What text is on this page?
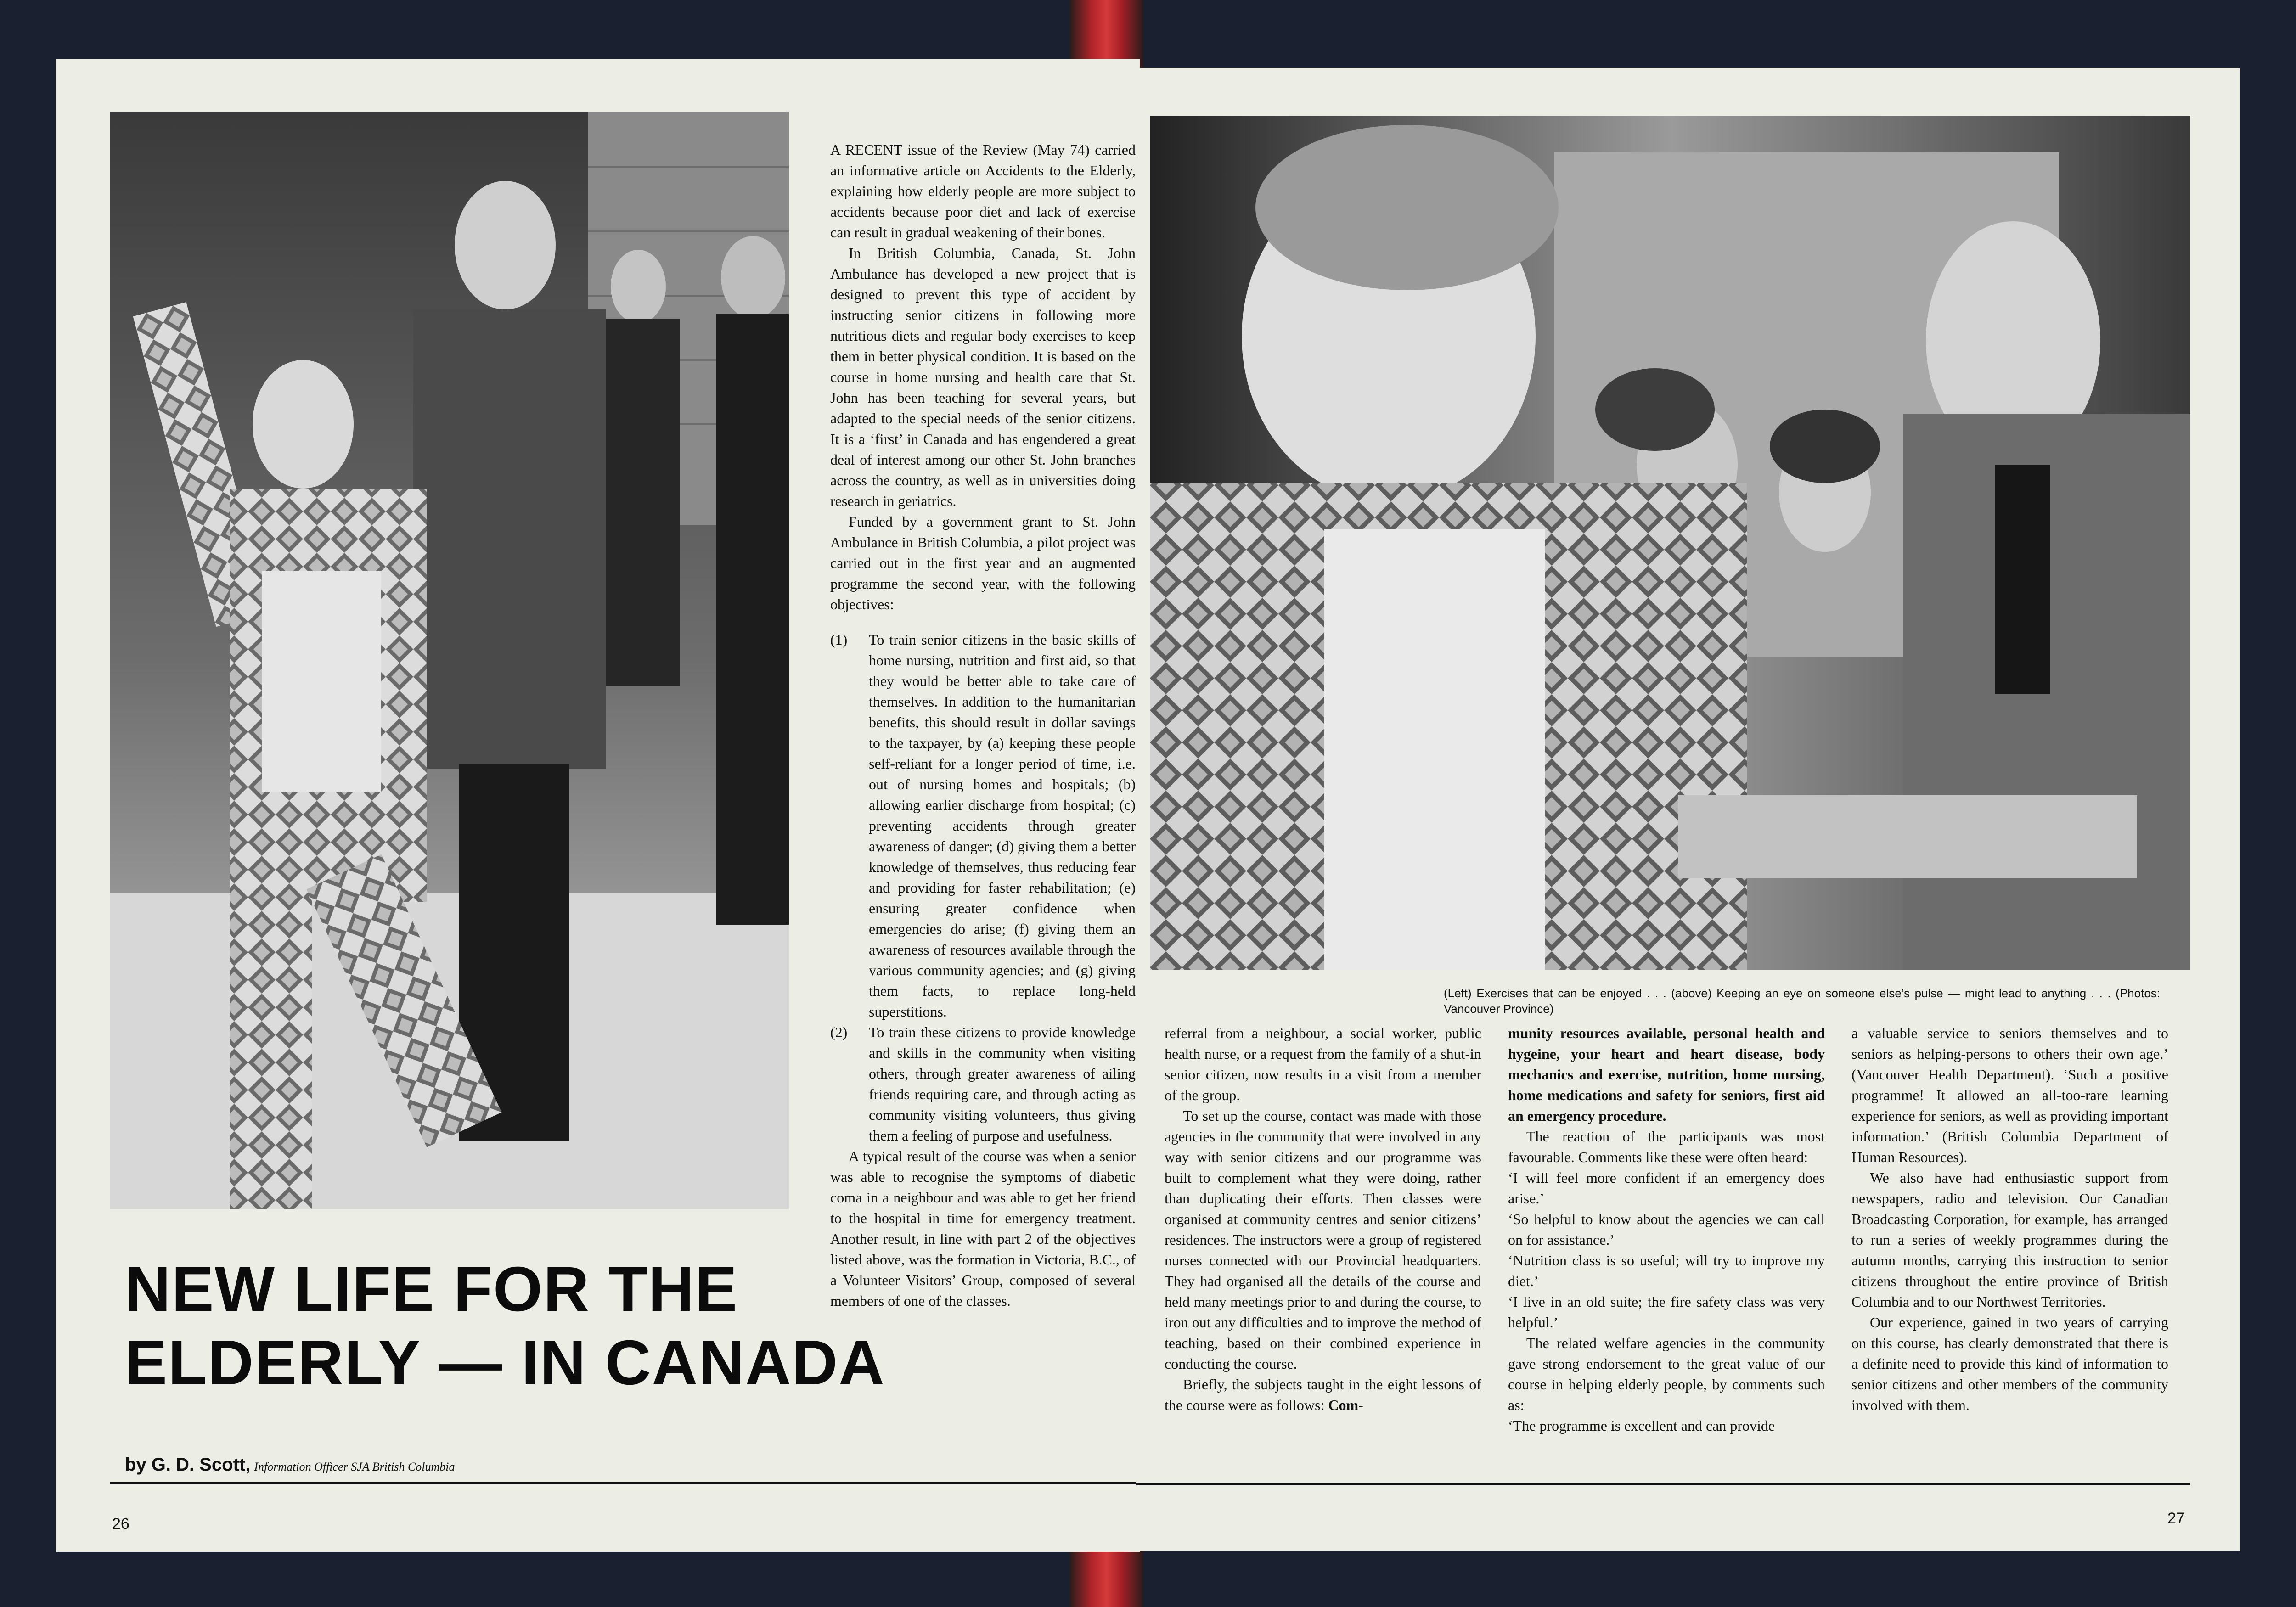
A RECENT issue of the Review (May 74) carried an informative article on Accidents to the Elderly, explaining how elderly people are more subject to accidents because poor diet and lack of exercise can result in gradual weakening of their bones.

In British Columbia, Canada, St. John Ambulance has developed a new project that is designed to prevent this type of accident by instructing senior citizens in following more nutritious diets and regular body exercises to keep them in better physical condition. It is based on the course in home nursing and health care that St. John has been teaching for several years, but adapted to the special needs of the senior citizens. It is a ‘first’ in Canada and has engendered a great deal of interest among our other St. John branches across the country, as well as in universities doing research in geriatrics.

Funded by a government grant to St. John Ambulance in British Columbia, a pilot project was carried out in the first year and an augmented programme the second year, with the following objectives:

(1) To train senior citizens in the basic skills of home nursing, nutrition and first aid, so that they would be better able to take care of themselves. In addition to the humanitarian benefits, this should result in dollar savings to the taxpayer, by (a) keeping these people self-reliant for a longer period of time, i.e. out of nursing homes and hospitals; (b) allowing earlier discharge from hospital; (c) preventing accidents through greater awareness of danger; (d) giving them a better knowledge of themselves, thus reducing fear and providing for faster rehabilitation; (e) ensuring greater confidence when emergencies do arise; (f) giving them an awareness of resources available through the various community agencies; and (g) giving them facts, to replace long-held superstitions.
(2) To train these citizens to provide knowledge and skills in the community when visiting others, through greater awareness of ailing friends requiring care, and through acting as community visiting volunteers, thus giving them a feeling of purpose and usefulness.

A typical result of the course was when a senior was able to recognise the symptoms of diabetic coma in a neighbour and was able to get her friend to the hospital in time for emergency treatment. Another result, in line with part 2 of the objectives listed above, was the formation in Victoria, B.C., of a Volunteer Visitors’ Group, composed of several members of one of the classes.

NEW LIFE FOR THE
ELDERLY — IN CANADA
by G. D. Scott, Information Officer SJA British Columbia
26
(Left) Exercises that can be enjoyed . . . (above) Keeping an eye on someone else’s pulse — might lead to anything . . . (Photos: Vancouver Province)

referral from a neighbour, a social worker, public health nurse, or a request from the family of a shut-in senior citizen, now results in a visit from a member of the group.

To set up the course, contact was made with those agencies in the community that were involved in any way with senior citizens and our programme was built to complement what they were doing, rather than duplicating their efforts. Then classes were organised at community centres and senior citizens’ residences. The instructors were a group of registered nurses connected with our Provincial headquarters. They had organised all the details of the course and held many meetings prior to and during the course, to iron out any difficulties and to improve the method of teaching, based on their combined experience in conducting the course.

Briefly, the subjects taught in the eight lessons of the course were as follows: Com-

munity resources available, personal health and hygeine, your heart and heart disease, body mechanics and exercise, nutrition, home nursing, home medications and safety for seniors, first aid an emergency procedure.

The reaction of the participants was most favourable. Comments like these were often heard:

‘I will feel more confident if an emergency does arise.’

‘So helpful to know about the agencies we can call on for assistance.’

‘Nutrition class is so useful; will try to improve my diet.’

‘I live in an old suite; the fire safety class was very helpful.’

The related welfare agencies in the community gave strong endorsement to the great value of our course in helping elderly people, by comments such as:

‘The programme is excellent and can provide

a valuable service to seniors themselves and to seniors as helping-persons to others their own age.’ (Vancouver Health Department). ‘Such a positive programme! It allowed an all-too-rare learning experience for seniors, as well as providing important information.’ (British Columbia Department of Human Resources).

We also have had enthusiastic support from newspapers, radio and television. Our Canadian Broadcasting Corporation, for example, has arranged to run a series of weekly programmes during the autumn months, carrying this instruction to senior citizens throughout the entire province of British Columbia and to our Northwest Territories.

Our experience, gained in two years of carrying on this course, has clearly demonstrated that there is a definite need to provide this kind of information to senior citizens and other members of the community involved with them.

27
